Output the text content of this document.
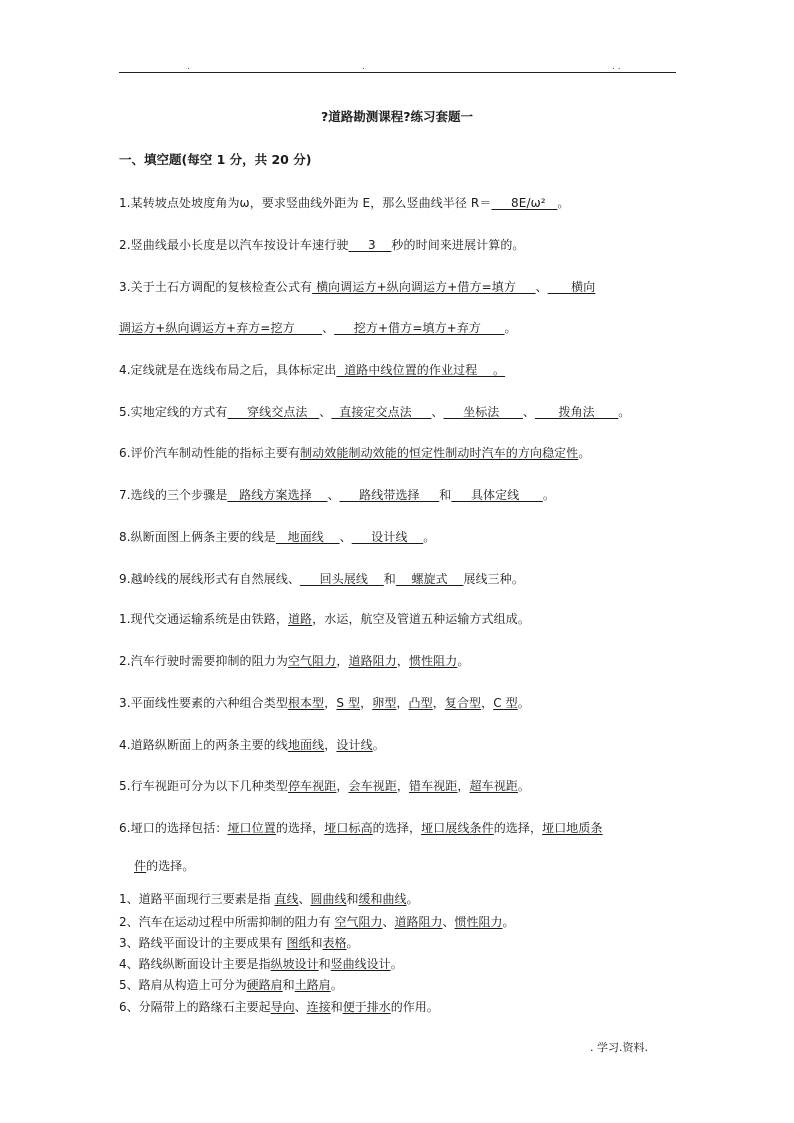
.	.	. .
?道路勘测课程?练习套题一
一、填空题(每空 1 分，共 20 分)
1.某转坡点处坡度角为ω，要求竖曲线外距为 E，那么竖曲线半径 R＝     8E/ω²   。
2.竖曲线最小长度是以汽车按设计车速行驶     3    秒的时间来进展计算的。
3.关于土石方调配的复核检查公式有 横向调运方+纵向调运方+借方=填方     、      横向
调运方+纵向调运方+弃方=挖方       、     挖方+借方=填方+弃方      。
4.定线就是在选线布局之后，具体标定出  道路中线位置的作业过程    。
5.实地定线的方式有     穿线交点法   、  直接定交点法     、     坐标法      、      拨角法      。
6.评价汽车制动性能的指标主要有制动效能制动效能的恒定性制动时汽车的方向稳定性。
7.选线的三个步骤是   路线方案选择    、     路线带选择     和     具体定线      。
8.纵断面图上俩条主要的线是   地面线    、     设计线    。
9.越岭线的展线形式有自然展线、     回头展线    和    螺旋式    展线三种。
1.现代交通运输系统是由铁路，道路，水运，航空及管道五种运输方式组成。
2.汽车行驶时需要抑制的阻力为空气阻力，道路阻力，惯性阻力。
3.平面线性要素的六种组合类型根本型，S 型，卵型，凸型，复合型，C 型。
4.道路纵断面上的两条主要的线地面线，设计线。
5.行车视距可分为以下几种类型停车视距，会车视距，错车视距，超车视距。
6.垭口的选择包括：垭口位置的选择，垭口标高的选择，垭口展线条件的选择，垭口地质条
件的选择。
1、道路平面现行三要素是指 直线、圆曲线和缓和曲线。
2、汽车在运动过程中所需抑制的阻力有 空气阻力、道路阻力、惯性阻力。
3、路线平面设计的主要成果有 图纸和表格。
4、路线纵断面设计主要是指纵坡设计和竖曲线设计。
5、路肩从构造上可分为硬路肩和土路肩。
6、分隔带上的路缘石主要起导向、连接和便于排水的作用。
. 学习.资料.
